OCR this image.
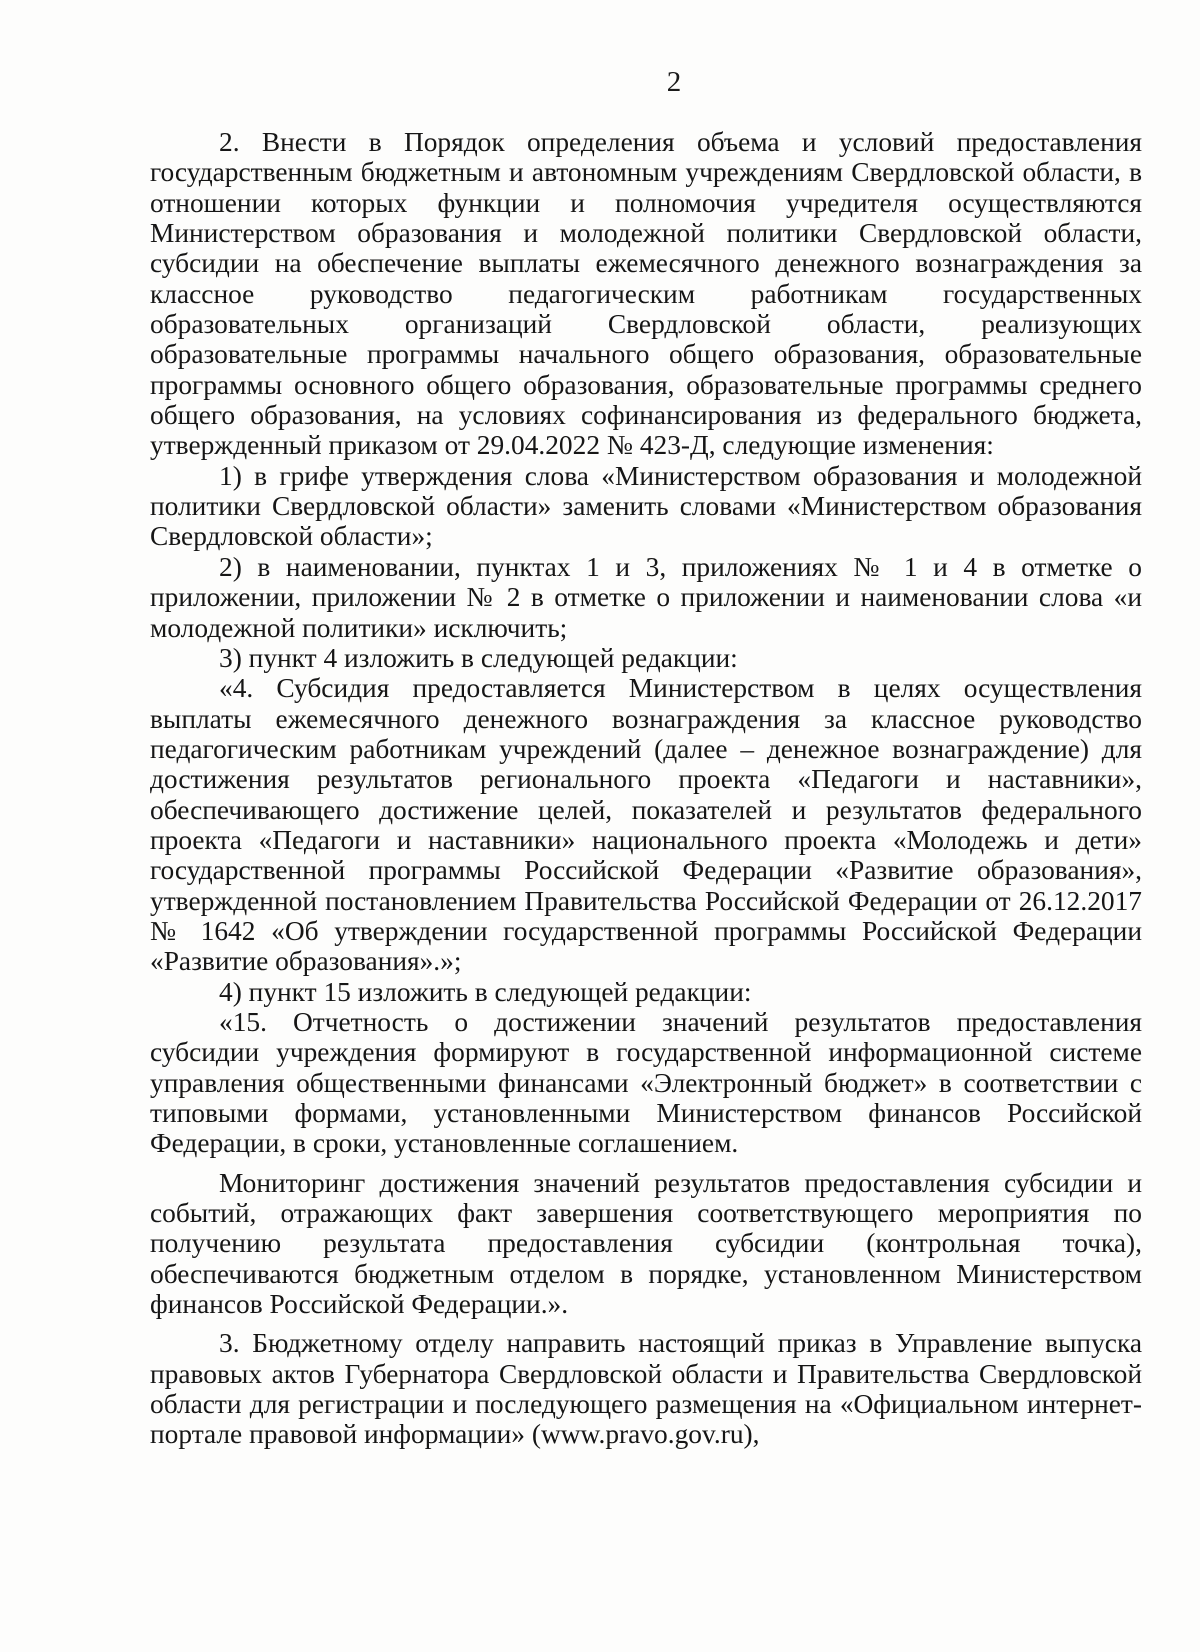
2

2. Внести в Порядок определения объема и условий предоставления государственным бюджетным и автономным учреждениям Свердловской области, в отношении которых функции и полномочия учредителя осуществляются Министерством образования и молодежной политики Свердловской области, субсидии на обеспечение выплаты ежемесячного денежного вознаграждения за классное руководство педагогическим работникам государственных образовательных организаций Свердловской области, реализующих образовательные программы начального общего образования, образовательные программы основного общего образования, образовательные программы среднего общего образования, на условиях софинансирования из федерального бюджета, утвержденный приказом от 29.04.2022 № 423-Д, следующие изменения:

1) в грифе утверждения слова «Министерством образования и молодежной политики Свердловской области» заменить словами «Министерством образования Свердловской области»;

2) в наименовании, пунктах 1 и 3, приложениях № 1 и 4 в отметке о приложении, приложении № 2 в отметке о приложении и наименовании слова «и молодежной политики» исключить;

3) пункт 4 изложить в следующей редакции:

«4. Субсидия предоставляется Министерством в целях осуществления выплаты ежемесячного денежного вознаграждения за классное руководство педагогическим работникам учреждений (далее – денежное вознаграждение) для достижения результатов регионального проекта «Педагоги и наставники», обеспечивающего достижение целей, показателей и результатов федерального проекта «Педагоги и наставники» национального проекта «Молодежь и дети» государственной программы Российской Федерации «Развитие образования», утвержденной постановлением Правительства Российской Федерации от 26.12.2017 № 1642 «Об утверждении государственной программы Российской Федерации «Развитие образования».»;

4) пункт 15 изложить в следующей редакции:

«15. Отчетность о достижении значений результатов предоставления субсидии учреждения формируют в государственной информационной системе управления общественными финансами «Электронный бюджет» в соответствии с типовыми формами, установленными Министерством финансов Российской Федерации, в сроки, установленные соглашением.

Мониторинг достижения значений результатов предоставления субсидии и событий, отражающих факт завершения соответствующего мероприятия по получению результата предоставления субсидии (контрольная точка), обеспечиваются бюджетным отделом в порядке, установленном Министерством финансов Российской Федерации.».

3. Бюджетному отделу направить настоящий приказ в Управление выпуска правовых актов Губернатора Свердловской области и Правительства Свердловской области для регистрации и последующего размещения на «Официальном интернет-портале правовой информации» (www.pravo.gov.ru),
